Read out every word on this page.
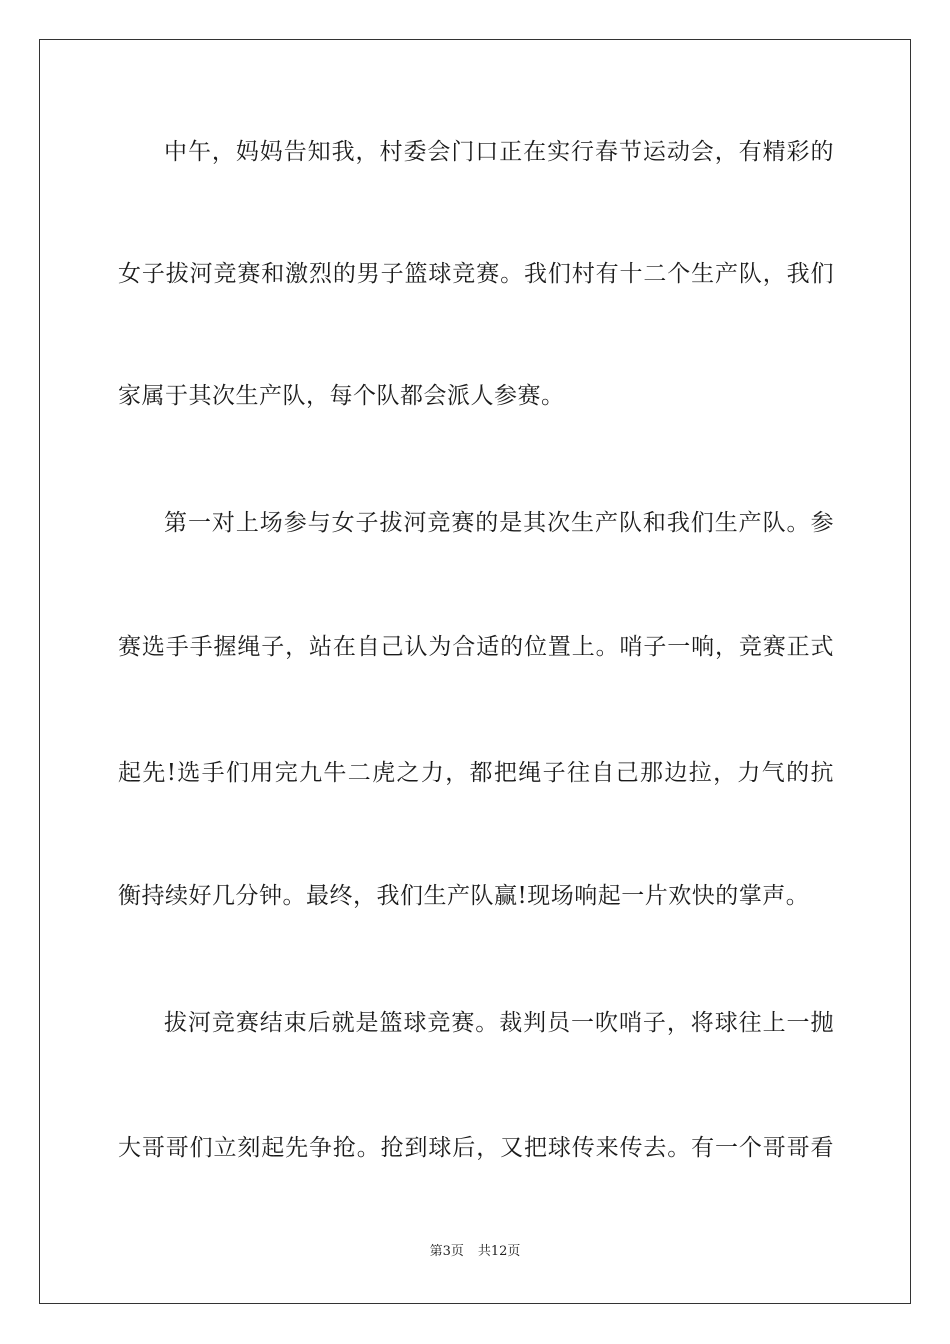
中午，妈妈告知我，村委会门口正在实行春节运动会，有精彩的
女子拔河竞赛和激烈的男子篮球竞赛。我们村有十二个生产队，我们
家属于其次生产队，每个队都会派人参赛。
第一对上场参与女子拔河竞赛的是其次生产队和我们生产队。参
赛选手手握绳子，站在自己认为合适的位置上。哨子一响，竞赛正式
起先!选手们用完九牛二虎之力，都把绳子往自己那边拉，力气的抗
衡持续好几分钟。最终，我们生产队赢!现场响起一片欢快的掌声。
拔河竞赛结束后就是篮球竞赛。裁判员一吹哨子，将球往上一抛
大哥哥们立刻起先争抢。抢到球后，又把球传来传去。有一个哥哥看
第3页 共12页
